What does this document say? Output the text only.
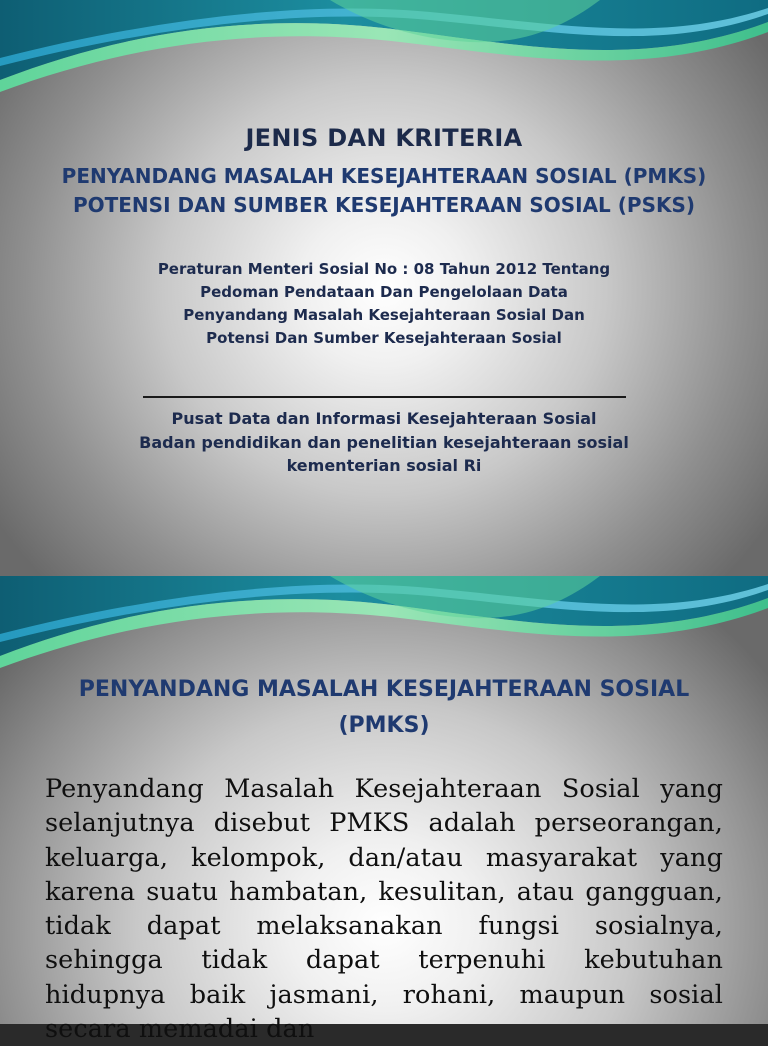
JENIS DAN KRITERIA
PENYANDANG MASALAH KESEJAHTERAAN SOSIAL (PMKS)
POTENSI DAN SUMBER KESEJAHTERAAN SOSIAL (PSKS)
Peraturan Menteri Sosial No : 08 Tahun 2012 Tentang
Pedoman Pendataan Dan Pengelolaan Data
Penyandang Masalah Kesejahteraan Sosial Dan
Potensi Dan Sumber Kesejahteraan Sosial
Pusat Data dan Informasi Kesejahteraan Sosial
Badan pendidikan dan penelitian kesejahteraan sosial
kementerian sosial Ri
PENYANDANG MASALAH KESEJAHTERAAN SOSIAL
(PMKS)
Penyandang Masalah Kesejahteraan Sosial yang selanjutnya disebut PMKS adalah perseorangan, keluarga, kelompok, dan/atau masyarakat yang karena suatu hambatan, kesulitan, atau gangguan, tidak dapat melaksanakan fungsi sosialnya, sehingga tidak dapat terpenuhi kebutuhan hidupnya baik jasmani, rohani, maupun sosial secara memadai dan
